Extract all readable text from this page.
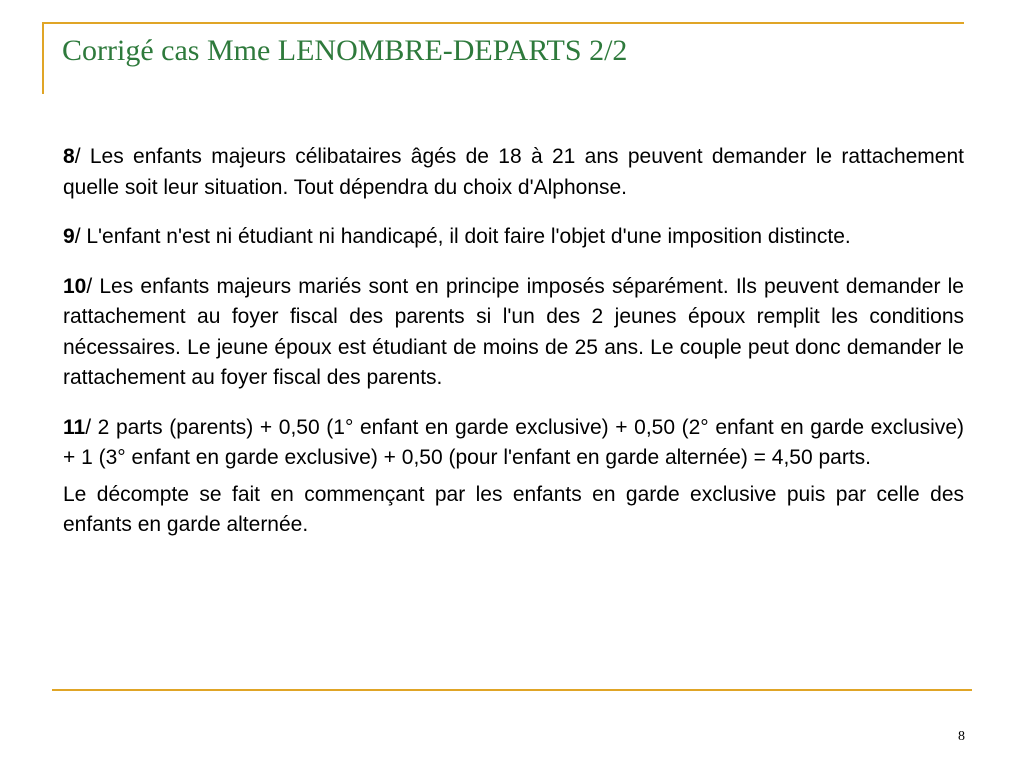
Corrigé cas Mme LENOMBRE-DEPARTS 2/2

8/ Les enfants majeurs célibataires âgés de 18 à 21 ans peuvent demander le rattachement quelle soit leur situation. Tout dépendra du choix d'Alphonse.

9/ L'enfant n'est ni étudiant ni handicapé, il doit faire l'objet d'une imposition distincte.

10/ Les enfants majeurs mariés sont en principe imposés séparément. Ils peuvent demander le rattachement au foyer fiscal des parents si l'un des 2 jeunes époux remplit les conditions nécessaires. Le jeune époux est étudiant de moins de 25 ans. Le couple peut donc demander le rattachement au foyer fiscal des parents.

11/ 2 parts (parents) + 0,50 (1° enfant en garde exclusive) + 0,50 (2° enfant en garde exclusive) + 1 (3° enfant en garde exclusive) + 0,50 (pour l'enfant en garde alternée) = 4,50 parts.

Le décompte se fait en commençant par les enfants en garde exclusive puis par celle des enfants en garde alternée.

8
